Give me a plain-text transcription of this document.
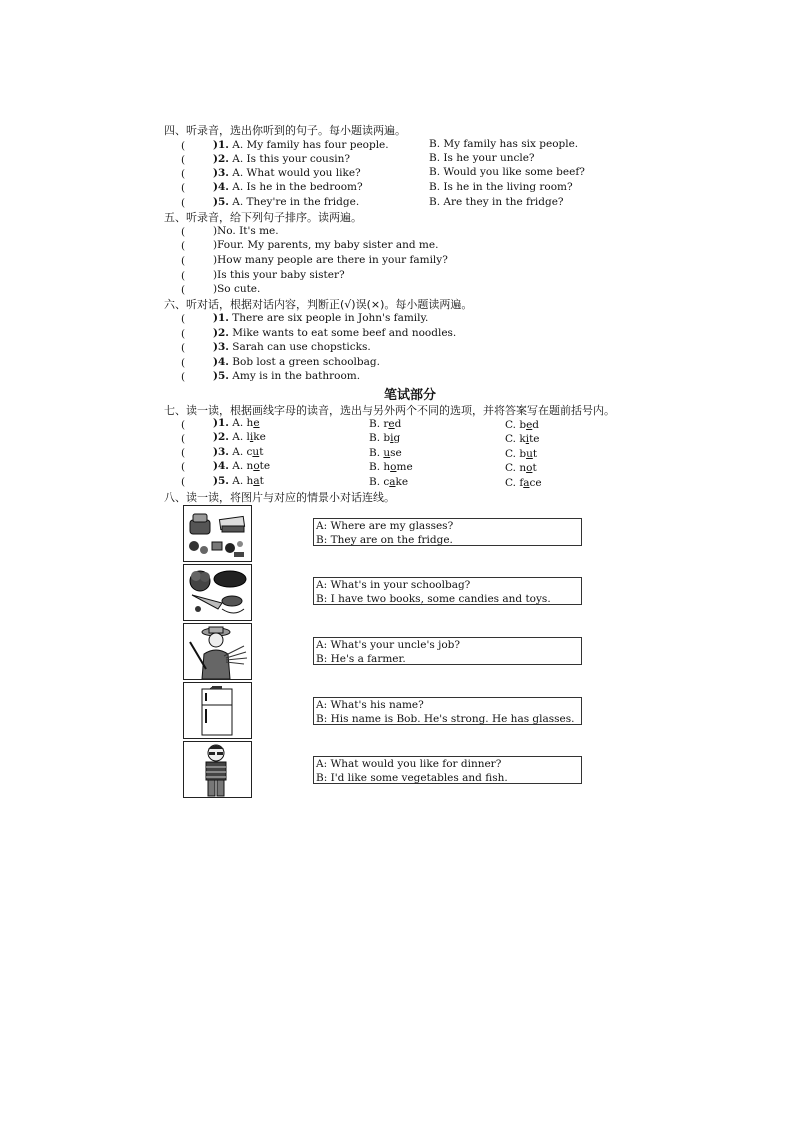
四、听录音，选出你听到的句子。每小题读两遍。
(	)1. A. My family has four people.	B. My family has six people.
(	)2. A. Is this your cousin?	B. Is he your uncle?
(	)3. A. What would you like?	B. Would you like some beef?
(	)4. A. Is he in the bedroom?	B. Is he in the living room?
(	)5. A. They're in the fridge.	B. Are they in the fridge?
五、听录音，给下列句子排序。读两遍。
(	)No. It's me.
(	)Four. My parents, my baby sister and me.
(	)How many people are there in your family?
(	)Is this your baby sister?
(	)So cute.
六、听对话，根据对话内容，判断正(√)误(×)。每小题读两遍。
(	)1. There are six people in John's family.
(	)2. Mike wants to eat some beef and noodles.
(	)3. Sarah can use chopsticks.
(	)4. Bob lost a green schoolbag.
(	)5. Amy is in the bathroom.
笔试部分
七、读一读，根据画线字母的读音，选出与另外两个不同的选项，并将答案写在题前括号内。
(	)1. A. he	B. red	C. bed
(	)2. A. like	B. big	C. kite
(	)3. A. cut	B. use	C. but
(	)4. A. note	B. home	C. not
(	)5. A. hat	B. cake	C. face
八、读一读，将图片与对应的情景小对话连线。
A: Where are my glasses?
B: They are on the fridge.
A: What's in your schoolbag?
B: I have two books, some candies and toys.
A: What's your uncle's job?
B: He's a farmer.
A: What's his name?
B: His name is Bob. He's strong. He has glasses.
A: What would you like for dinner?
B: I'd like some vegetables and fish.
